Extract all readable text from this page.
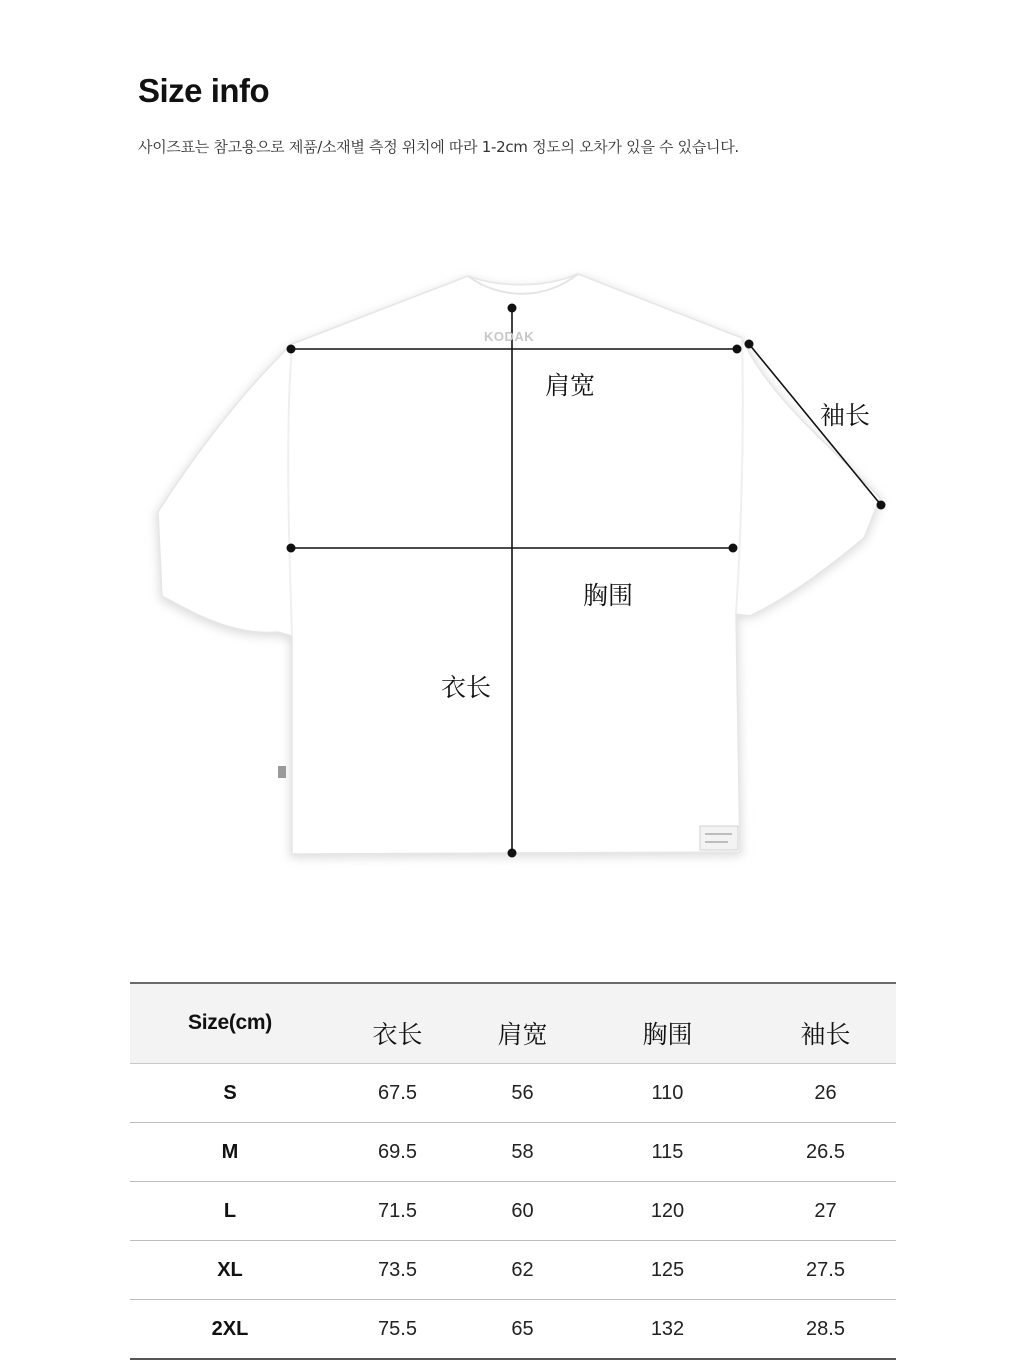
Size info
사이즈표는 참고용으로 제품/소재별 측정 위치에 따라 1-2cm 정도의 오차가 있을 수 있습니다.
KODAK
肩宽
袖长
胸围
衣长
Size(cm)	衣长	肩宽	胸围	袖长
S	67.5	56	110	26
M	69.5	58	115	26.5
L	71.5	60	120	27
XL	73.5	62	125	27.5
2XL	75.5	65	132	28.5
